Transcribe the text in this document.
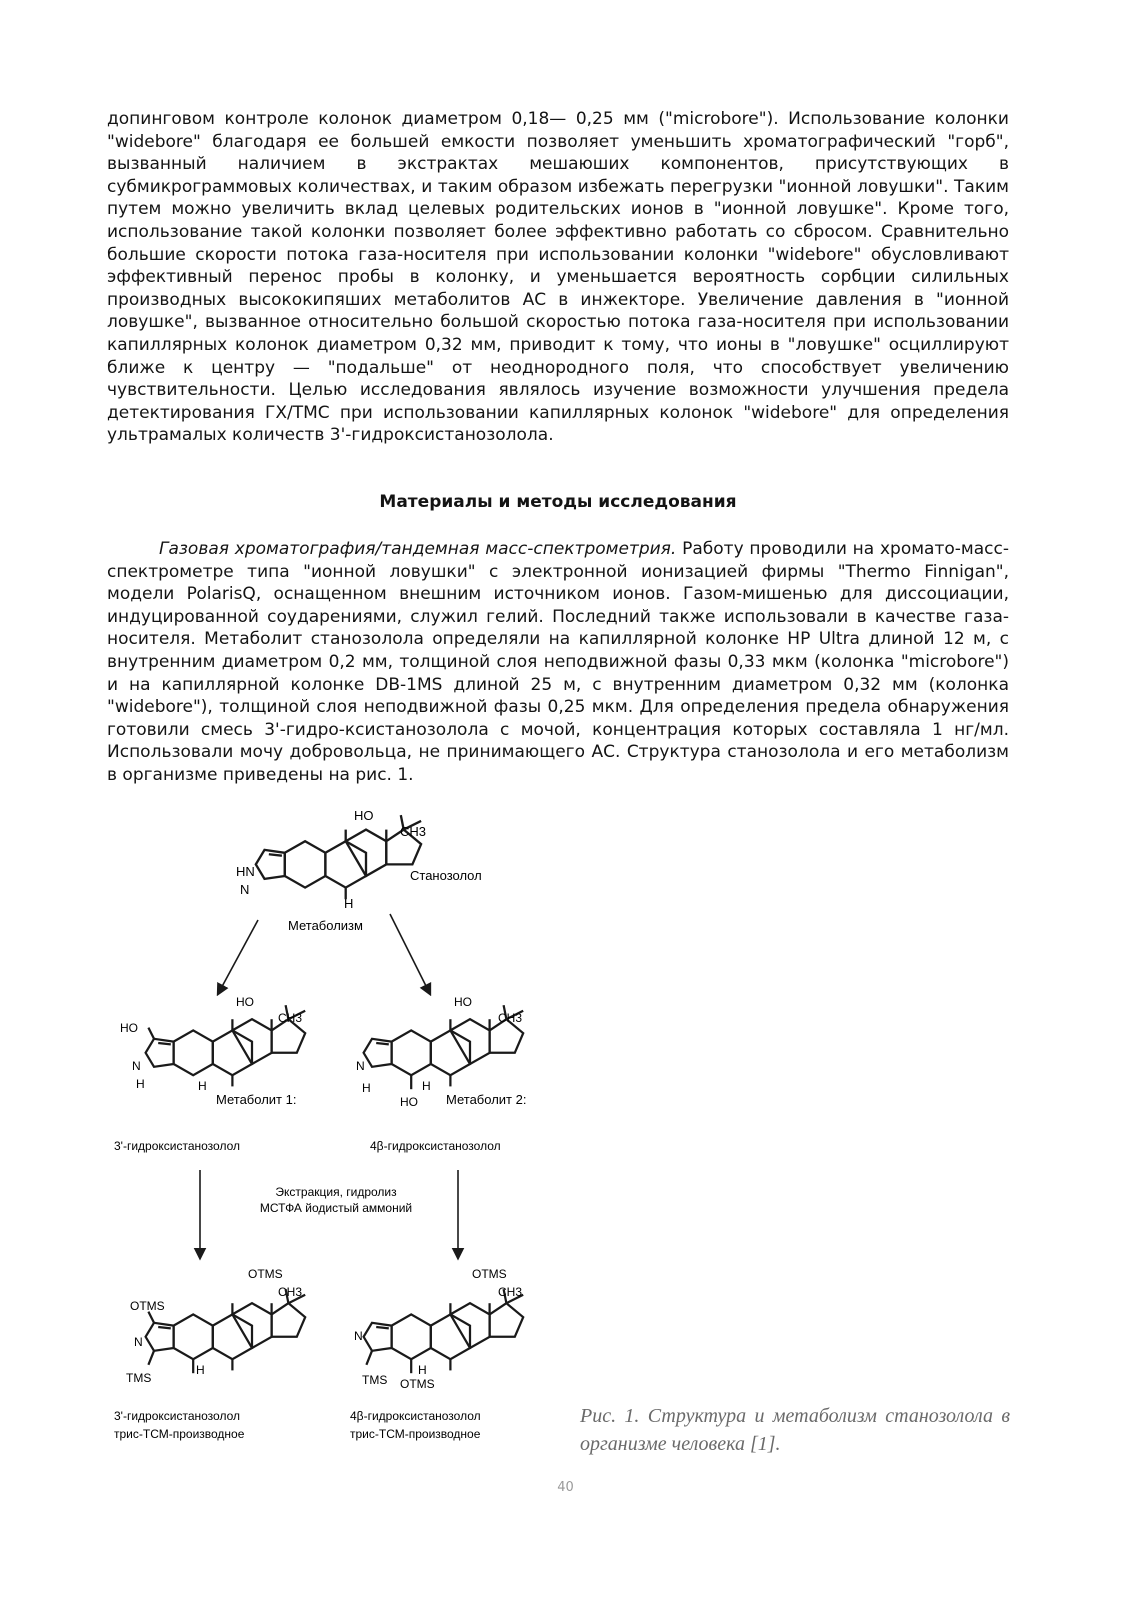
допинговом контроле колонок диаметром 0,18— 0,25 мм ("microbore"). Использование колонки "widebore" благодаря ее большей емкости позволяет уменьшить хроматографический "горб", вызванный наличием в экстрактах мешаюших компонентов, присутствующих в субмикрограммовых количествах, и таким образом избежать перегрузки "ионной ловушки". Таким путем можно увеличить вклад целевых родительских ионов в "ионной ловушке". Кроме того, использование такой колонки позволяет более эффективно работать со сбросом. Сравнительно большие скорости потока газа-носителя при использовании колонки "widebore" обусловливают эффективный перенос пробы в колонку, и уменьшается вероятность сорбции силильных производных высококипяших метаболитов АС в инжекторе. Увеличение давления в "ионной ловушке", вызванное относительно большой скоростью потока газа-носителя при использовании капиллярных колонок диаметром 0,32 мм, приводит к тому, что ионы в "ловушке" осциллируют ближе к центру — "подальше" от неоднородного поля, что способствует увеличению чувствительности. Целью исследования являлось изучение возможности улучшения предела детектирования ГХ/ТМС при использовании капиллярных колонок "widebore" для определения ультрамалых количеств 3'-гидроксистанозолола.

Материалы и методы исследования

Газовая хроматография/тандемная масс-спектрометрия. Работу проводили на хромато-масс-спектрометре типа "ионной ловушки" с электронной ионизацией фирмы "Thermo Finnigan", модели PolarisQ, оснащенном внешним источником ионов. Газом-мишенью для диссоциации, индуцированной соударениями, служил гелий. Последний также использовали в качестве газа-носителя. Метаболит станозолола определяли на капиллярной колонке HP Ultra длиной 12 м, с внутренним диаметром 0,2 мм, толщиной слоя неподвижной фазы 0,33 мкм (колонка "microbore") и на капиллярной колонке DB-1MS длиной 25 м, с внутренним диаметром 0,32 мм (колонка "widebore"), толщиной слоя неподвижной фазы 0,25 мкм. Для определения предела обнаружения готовили смесь 3'-гидро-ксистанозолола с мочой, концентрация которых составляла 1 нг/мл. Использовали мочу добровольца, не принимающего АС. Структура станозолола и его метаболизм в организме приведены на рис. 1.

HO
CH3
HN
N
H
Станозолол
Метаболизм
HO
CH3
HO
N
H	H
Метаболит 1:
3'-гидроксистанозолол
HO
CH3
N
H
HO
H
Метаболит 2:
4β-гидроксистанозолол
Экстракция, гидролиз
МСТФА йодистый аммоний
OTMS
CH3
OTMS
N
H
TMS
3'-гидроксистанозолол
трис-ТСМ-производное
OTMS
CH3
N
H
TMS OTMS
4β-гидроксистанозолол
трис-ТСМ-производное
Рис. 1. Структура и метаболизм станозолола в организме человека [1].
40
